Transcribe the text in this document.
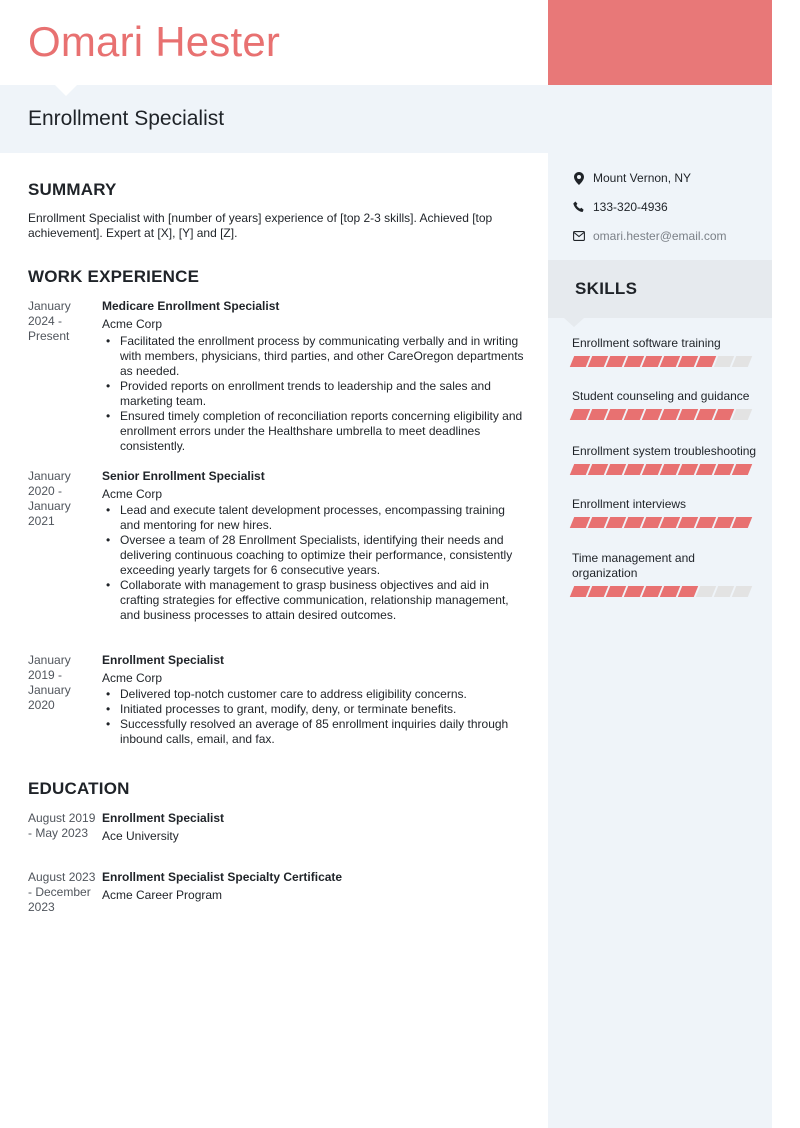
Omari Hester
Enrollment Specialist
Mount Vernon, NY
133-320-4936
omari.hester@email.com
SKILLS
Enrollment software training
Student counseling and guidance
Enrollment system troubleshooting
Enrollment interviews
Time management and organization
SUMMARY
Enrollment Specialist with [number of years] experience of [top 2-3 skills]. Achieved [top achievement]. Expert at [X], [Y] and [Z].
WORK EXPERIENCE
January 2024 - Present
Medicare Enrollment Specialist
Acme Corp
• Facilitated the enrollment process by communicating verbally and in writing with members, physicians, third parties, and other CareOregon departments as needed.
• Provided reports on enrollment trends to leadership and the sales and marketing team.
• Ensured timely completion of reconciliation reports concerning eligibility and enrollment errors under the Healthshare umbrella to meet deadlines consistently.
January 2020 - January 2021
Senior Enrollment Specialist
Acme Corp
• Lead and execute talent development processes, encompassing training and mentoring for new hires.
• Oversee a team of 28 Enrollment Specialists, identifying their needs and delivering continuous coaching to optimize their performance, consistently exceeding yearly targets for 6 consecutive years.
• Collaborate with management to grasp business objectives and aid in crafting strategies for effective communication, relationship management, and business processes to attain desired outcomes.
January 2019 - January 2020
Enrollment Specialist
Acme Corp
• Delivered top-notch customer care to address eligibility concerns.
• Initiated processes to grant, modify, deny, or terminate benefits.
• Successfully resolved an average of 85 enrollment inquiries daily through inbound calls, email, and fax.
EDUCATION
August 2019 - May 2023
Enrollment Specialist
Ace University
August 2023 - December 2023
Enrollment Specialist Specialty Certificate
Acme Career Program
